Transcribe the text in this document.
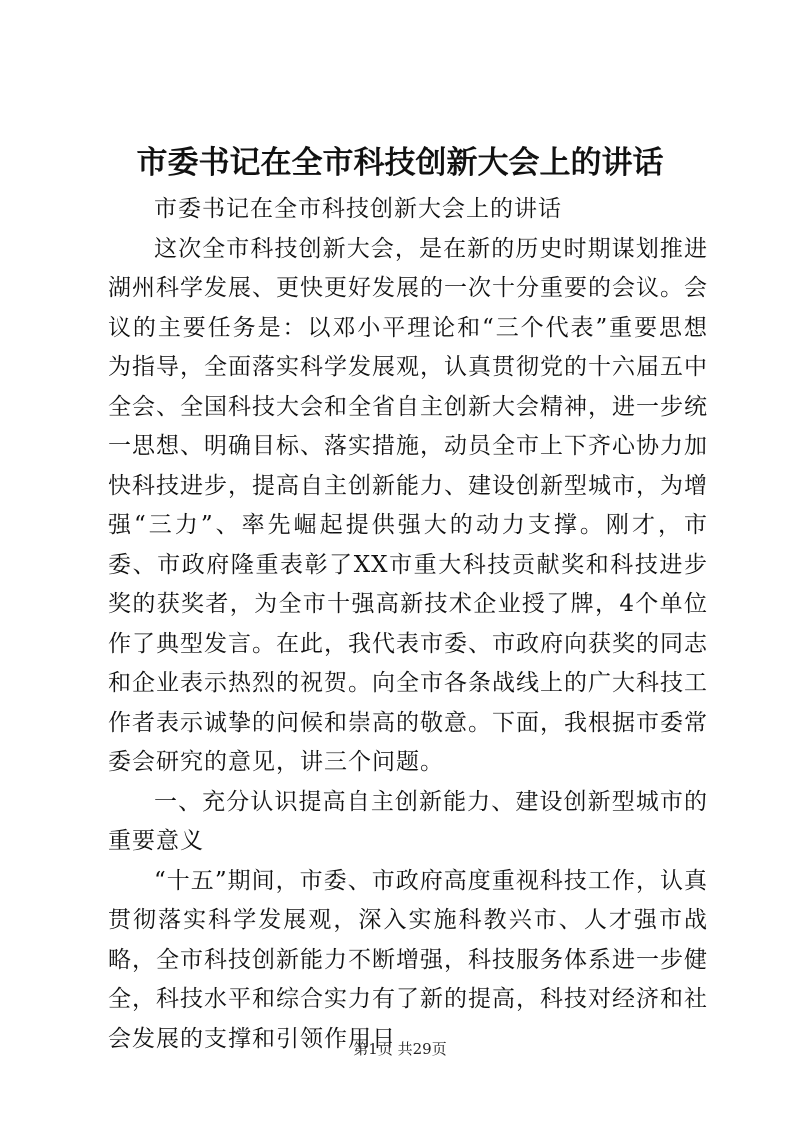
市委书记在全市科技创新大会上的讲话

市委书记在全市科技创新大会上的讲话

这次全市科技创新大会，是在新的历史时期谋划推进湖州科学发展、更快更好发展的一次十分重要的会议。会议的主要任务是：以邓小平理论和“三个代表”重要思想为指导，全面落实科学发展观，认真贯彻党的十六届五中全会、全国科技大会和全省自主创新大会精神，进一步统一思想、明确目标、落实措施，动员全市上下齐心协力加快科技进步，提高自主创新能力、建设创新型城市，为增强“三力”、率先崛起提供强大的动力支撑。刚才，市委、市政府隆重表彰了XX市重大科技贡献奖和科技进步奖的获奖者，为全市十强高新技术企业授了牌，4个单位作了典型发言。在此，我代表市委、市政府向获奖的同志和企业表示热烈的祝贺。向全市各条战线上的广大科技工作者表示诚挚的问候和崇高的敬意。下面，我根据市委常委会研究的意见，讲三个问题。

一、充分认识提高自主创新能力、建设创新型城市的重要意义

“十五”期间，市委、市政府高度重视科技工作，认真贯彻落实科学发展观，深入实施科教兴市、人才强市战略，全市科技创新能力不断增强，科技服务体系进一步健全，科技水平和综合实力有了新的提高，科技对经济和社会发展的支撑和引领作用日

第1页 共29页
